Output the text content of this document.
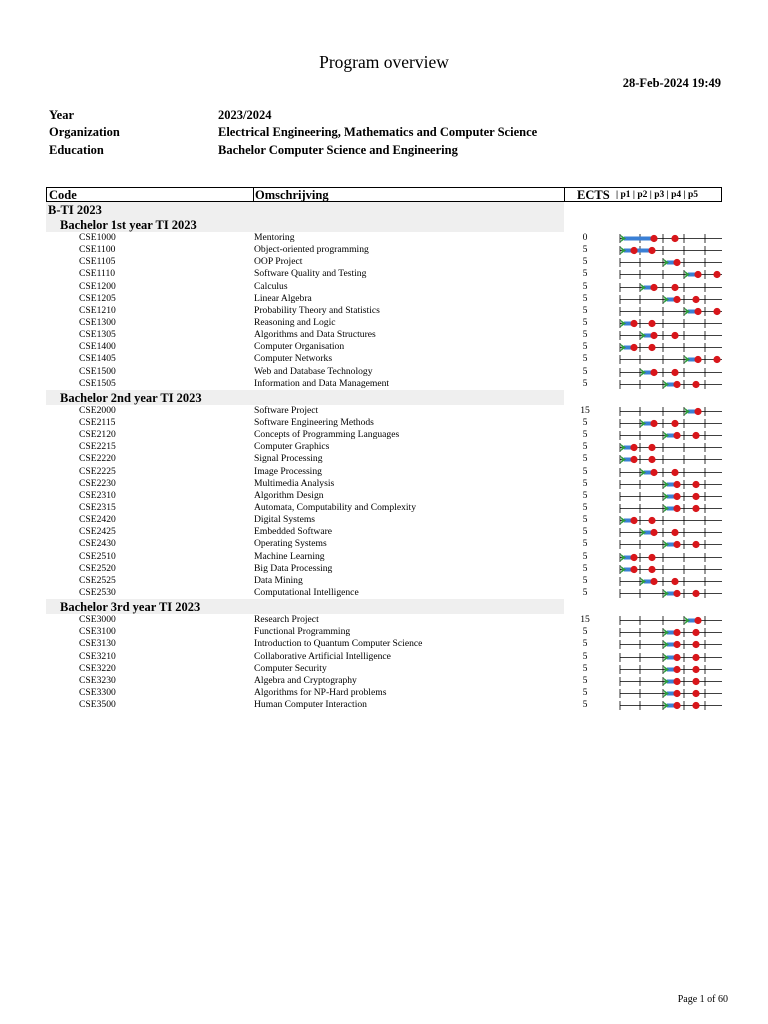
Program overview
28-Feb-2024 19:49
Year	2023/2024
Organization	Electrical Engineering, Mathematics and Computer Science
Education	Bachelor Computer Science and Engineering
Code	Omschrijving	ECTS | p1 | p2 | p3 | p4 | p5
B-TI 2023
Bachelor 1st year TI 2023
CSE1000	Mentoring	0
CSE1100	Object-oriented programming	5
CSE1105	OOP Project	5
CSE1110	Software Quality and Testing	5
CSE1200	Calculus	5
CSE1205	Linear Algebra	5
CSE1210	Probability Theory and Statistics	5
CSE1300	Reasoning and Logic	5
CSE1305	Algorithms and Data Structures	5
CSE1400	Computer Organisation	5
CSE1405	Computer Networks	5
CSE1500	Web and Database Technology	5
CSE1505	Information and Data Management	5
Bachelor 2nd year TI 2023
CSE2000	Software Project	15
CSE2115	Software Engineering Methods	5
CSE2120	Concepts of Programming Languages	5
CSE2215	Computer Graphics	5
CSE2220	Signal Processing	5
CSE2225	Image Processing	5
CSE2230	Multimedia Analysis	5
CSE2310	Algorithm Design	5
CSE2315	Automata, Computability and Complexity	5
CSE2420	Digital Systems	5
CSE2425	Embedded Software	5
CSE2430	Operating Systems	5
CSE2510	Machine Learning	5
CSE2520	Big Data Processing	5
CSE2525	Data Mining	5
CSE2530	Computational Intelligence	5
Bachelor 3rd year TI 2023
CSE3000	Research Project	15
CSE3100	Functional Programming	5
CSE3130	Introduction to Quantum Computer Science	5
CSE3210	Collaborative Artificial Intelligence	5
CSE3220	Computer Security	5
CSE3230	Algebra and Cryptography	5
CSE3300	Algorithms for NP-Hard problems	5
CSE3500	Human Computer Interaction	5
Page 1 of 60
